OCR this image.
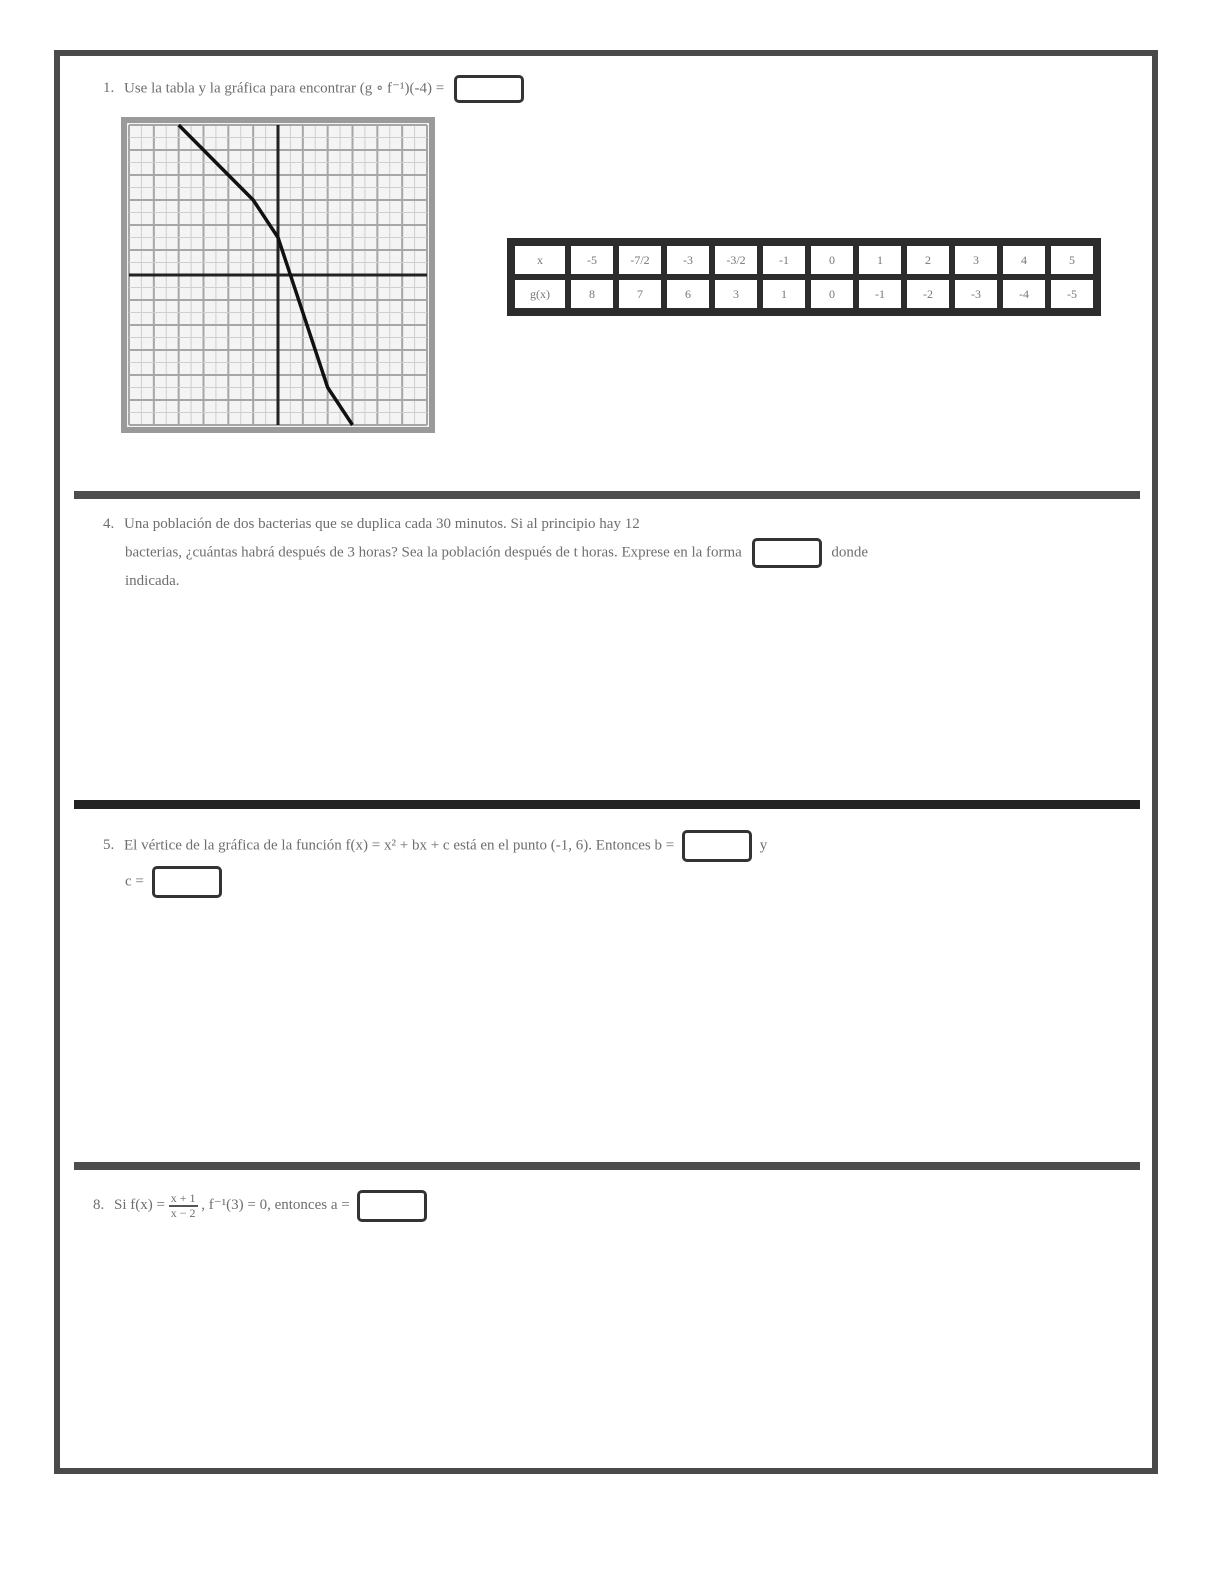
1. Use la tabla y la gráfica para encontrar (g ∘ f⁻¹)(-4) =
x	-5	-7/2	-3	-3/2	-1	0	1	2	3	4	5
g(x)	8	7	6	3	1	0	-1	-2	-3	-4	-5
4. Una población de dos bacterias que se duplica cada 30 minutos. Si al principio hay 12
bacterias, ¿cuántas habrá después de 3 horas? Sea la población después de t horas. Exprese en la forma	donde
indicada.
5. El vértice de la gráfica de la función f(x) = x² + bx + c está en el punto (-1, 6). Entonces b =	y
c =
8. Si $f(x) = \frac{x + 1}{x - 2}$ , f⁻¹(3) = 0, entonces a =
